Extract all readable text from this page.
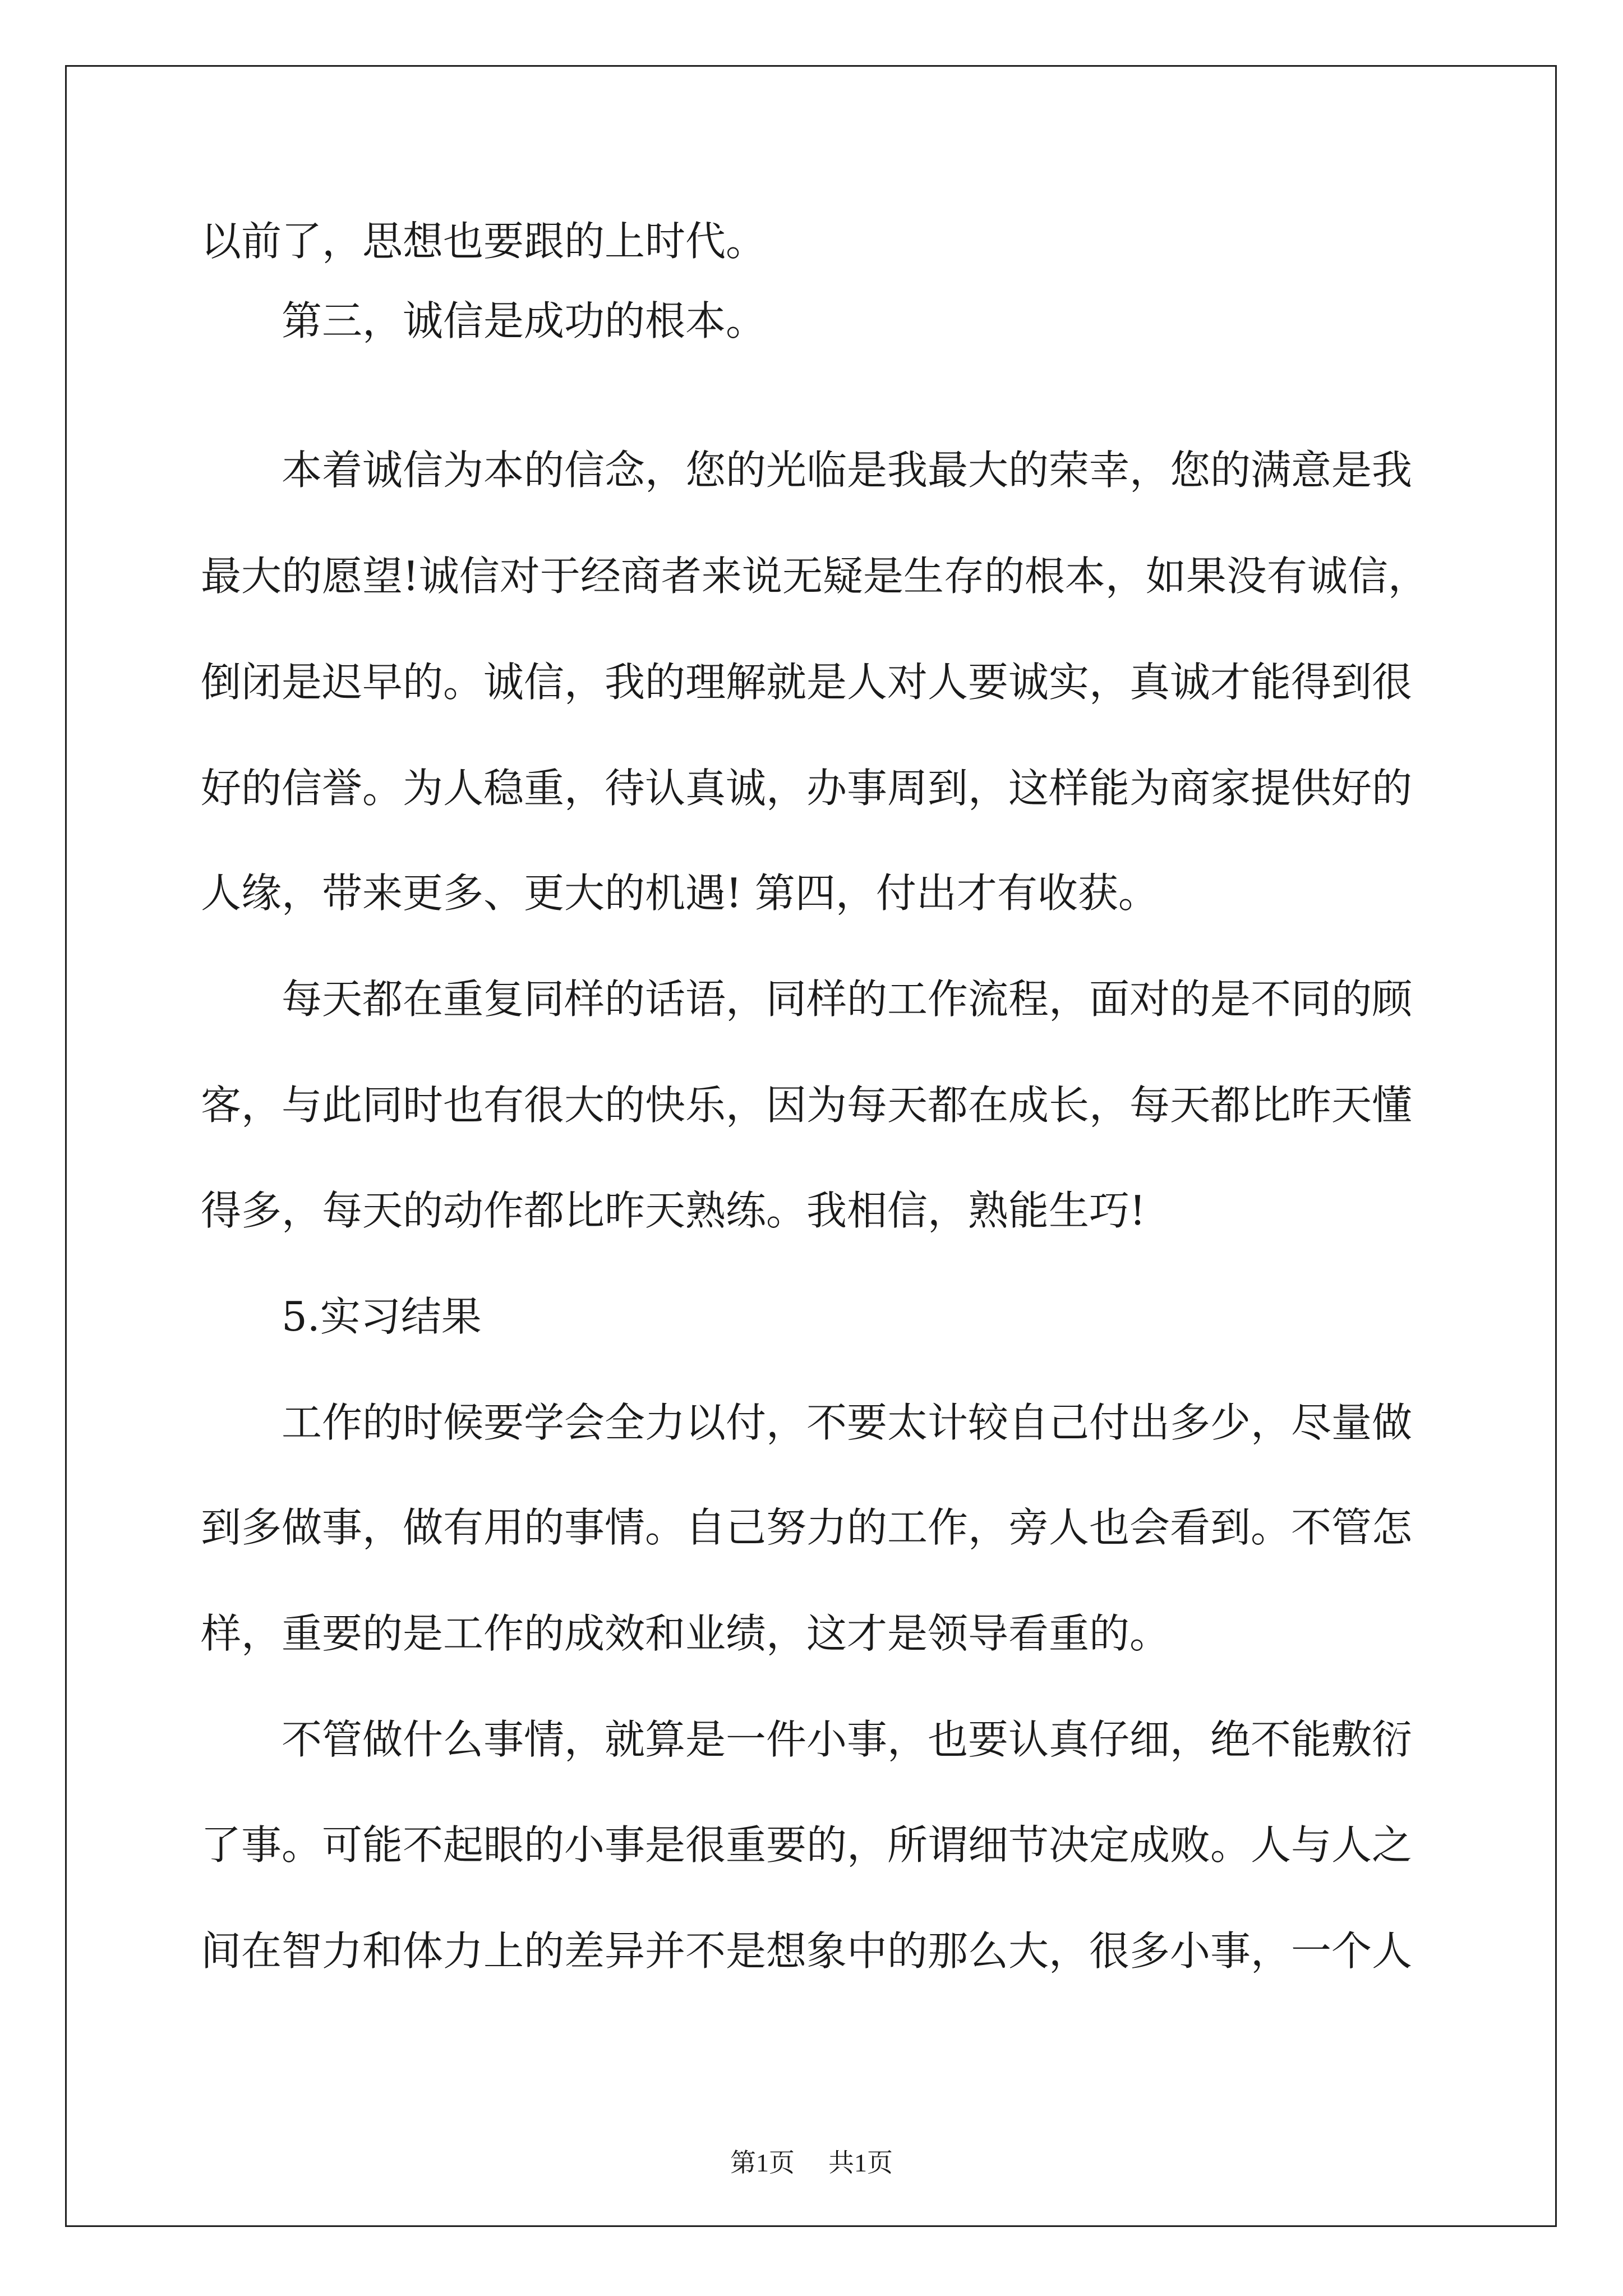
以前了，思想也要跟的上时代。
第三，诚信是成功的根本。
本着诚信为本的信念，您的光临是我最大的荣幸，您的满意是我
最大的愿望!诚信对于经商者来说无疑是生存的根本，如果没有诚信，
倒闭是迟早的。诚信，我的理解就是人对人要诚实，真诚才能得到很
好的信誉。为人稳重，待认真诚，办事周到，这样能为商家提供好的
人缘，带来更多、更大的机遇! 第四，付出才有收获。
每天都在重复同样的话语，同样的工作流程，面对的是不同的顾
客，与此同时也有很大的快乐，因为每天都在成长，每天都比昨天懂
得多，每天的动作都比昨天熟练。我相信，熟能生巧!
5.实习结果
工作的时候要学会全力以付，不要太计较自己付出多少，尽量做
到多做事，做有用的事情。自己努力的工作，旁人也会看到。不管怎
样，重要的是工作的成效和业绩，这才是领导看重的。
不管做什么事情，就算是一件小事，也要认真仔细，绝不能敷衍
了事。可能不起眼的小事是很重要的，所谓细节决定成败。人与人之
间在智力和体力上的差异并不是想象中的那么大，很多小事，一个人
第1页 共1页
